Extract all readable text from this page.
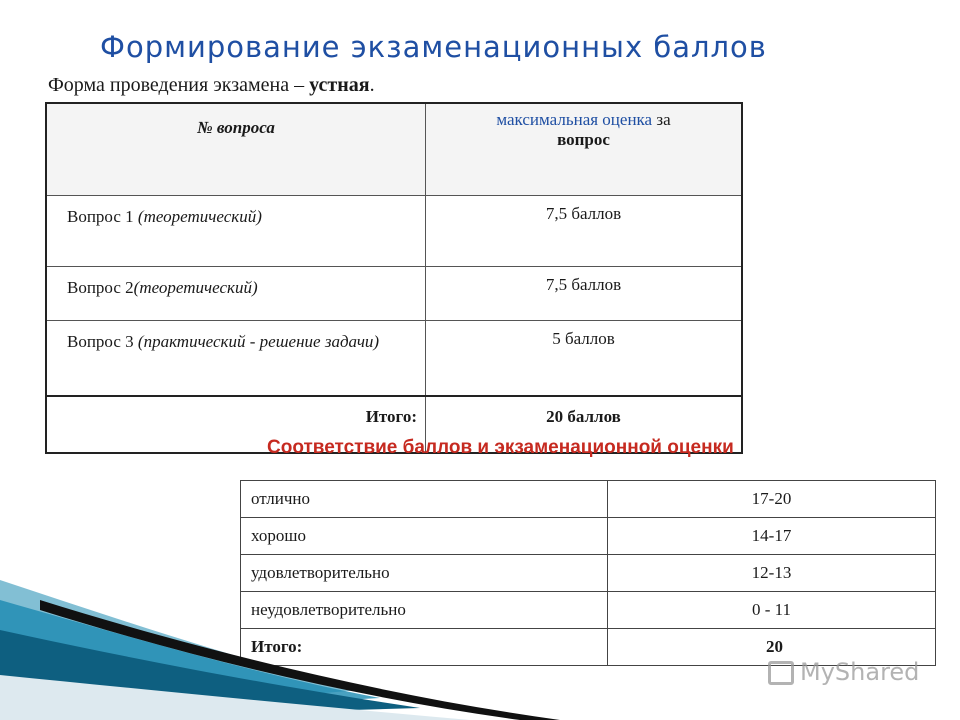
Формирование экзаменационных баллов
Форма проведения экзамена – устная.
№ вопроса	максимальная оценка за
вопрос
Вопрос 1 (теоретический)	7,5 баллов
Вопрос 2(теоретический)	7,5 баллов
Вопрос 3 (практический - решение задачи)	5 баллов
Итого:	20 баллов
Соответствие баллов и экзаменационной оценки
отлично	17-20
хорошо	14-17
удовлетворительно	12-13
неудовлетворительно	0 - 11
Итого:	20
MyShared
